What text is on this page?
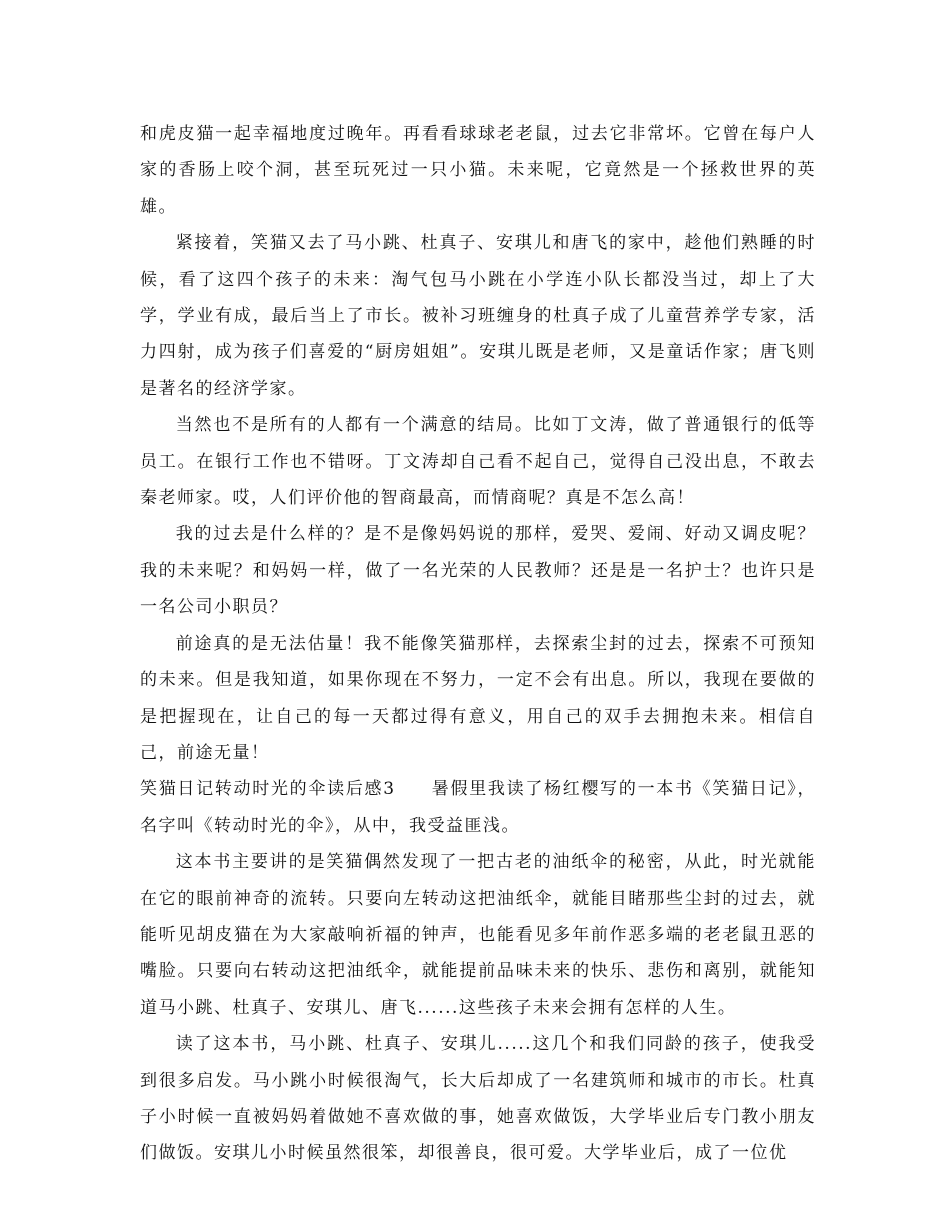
和虎皮猫一起幸福地度过晚年。再看看球球老老鼠，过去它非常坏。它曾在每户人家的香肠上咬个洞，甚至玩死过一只小猫。未来呢，它竟然是一个拯救世界的英雄。

紧接着，笑猫又去了马小跳、杜真子、安琪儿和唐飞的家中，趁他们熟睡的时候，看了这四个孩子的未来：淘气包马小跳在小学连小队长都没当过，却上了大学，学业有成，最后当上了市长。被补习班缠身的杜真子成了儿童营养学专家，活力四射，成为孩子们喜爱的“厨房姐姐”。安琪儿既是老师，又是童话作家；唐飞则是著名的经济学家。

当然也不是所有的人都有一个满意的结局。比如丁文涛，做了普通银行的低等员工。在银行工作也不错呀。丁文涛却自己看不起自己，觉得自己没出息，不敢去秦老师家。哎，人们评价他的智商最高，而情商呢？真是不怎么高！

我的过去是什么样的？是不是像妈妈说的那样，爱哭、爱闹、好动又调皮呢？我的未来呢？和妈妈一样，做了一名光荣的人民教师？还是是一名护士？也许只是一名公司小职员？

前途真的是无法估量！我不能像笑猫那样，去探索尘封的过去，探索不可预知的未来。但是我知道，如果你现在不努力，一定不会有出息。所以，我现在要做的是把握现在，让自己的每一天都过得有意义，用自己的双手去拥抱未来。相信自己，前途无量！

笑猫日记转动时光的伞读后感3 暑假里我读了杨红樱写的一本书《笑猫日记》，名字叫《转动时光的伞》，从中，我受益匪浅。

这本书主要讲的是笑猫偶然发现了一把古老的油纸伞的秘密，从此，时光就能在它的眼前神奇的流转。只要向左转动这把油纸伞，就能目睹那些尘封的过去，就能听见胡皮猫在为大家敲响祈福的钟声，也能看见多年前作恶多端的老老鼠丑恶的嘴脸。只要向右转动这把油纸伞，就能提前品味未来的快乐、悲伤和离别，就能知道马小跳、杜真子、安琪儿、唐飞......这些孩子未来会拥有怎样的人生。

读了这本书，马小跳、杜真子、安琪儿.....这几个和我们同龄的孩子，使我受到很多启发。马小跳小时候很淘气，长大后却成了一名建筑师和城市的市长。杜真子小时候一直被妈妈着做她不喜欢做的事，她喜欢做饭，大学毕业后专门教小朋友们做饭。安琪儿小时候虽然很笨，却很善良，很可爱。大学毕业后，成了一位优
